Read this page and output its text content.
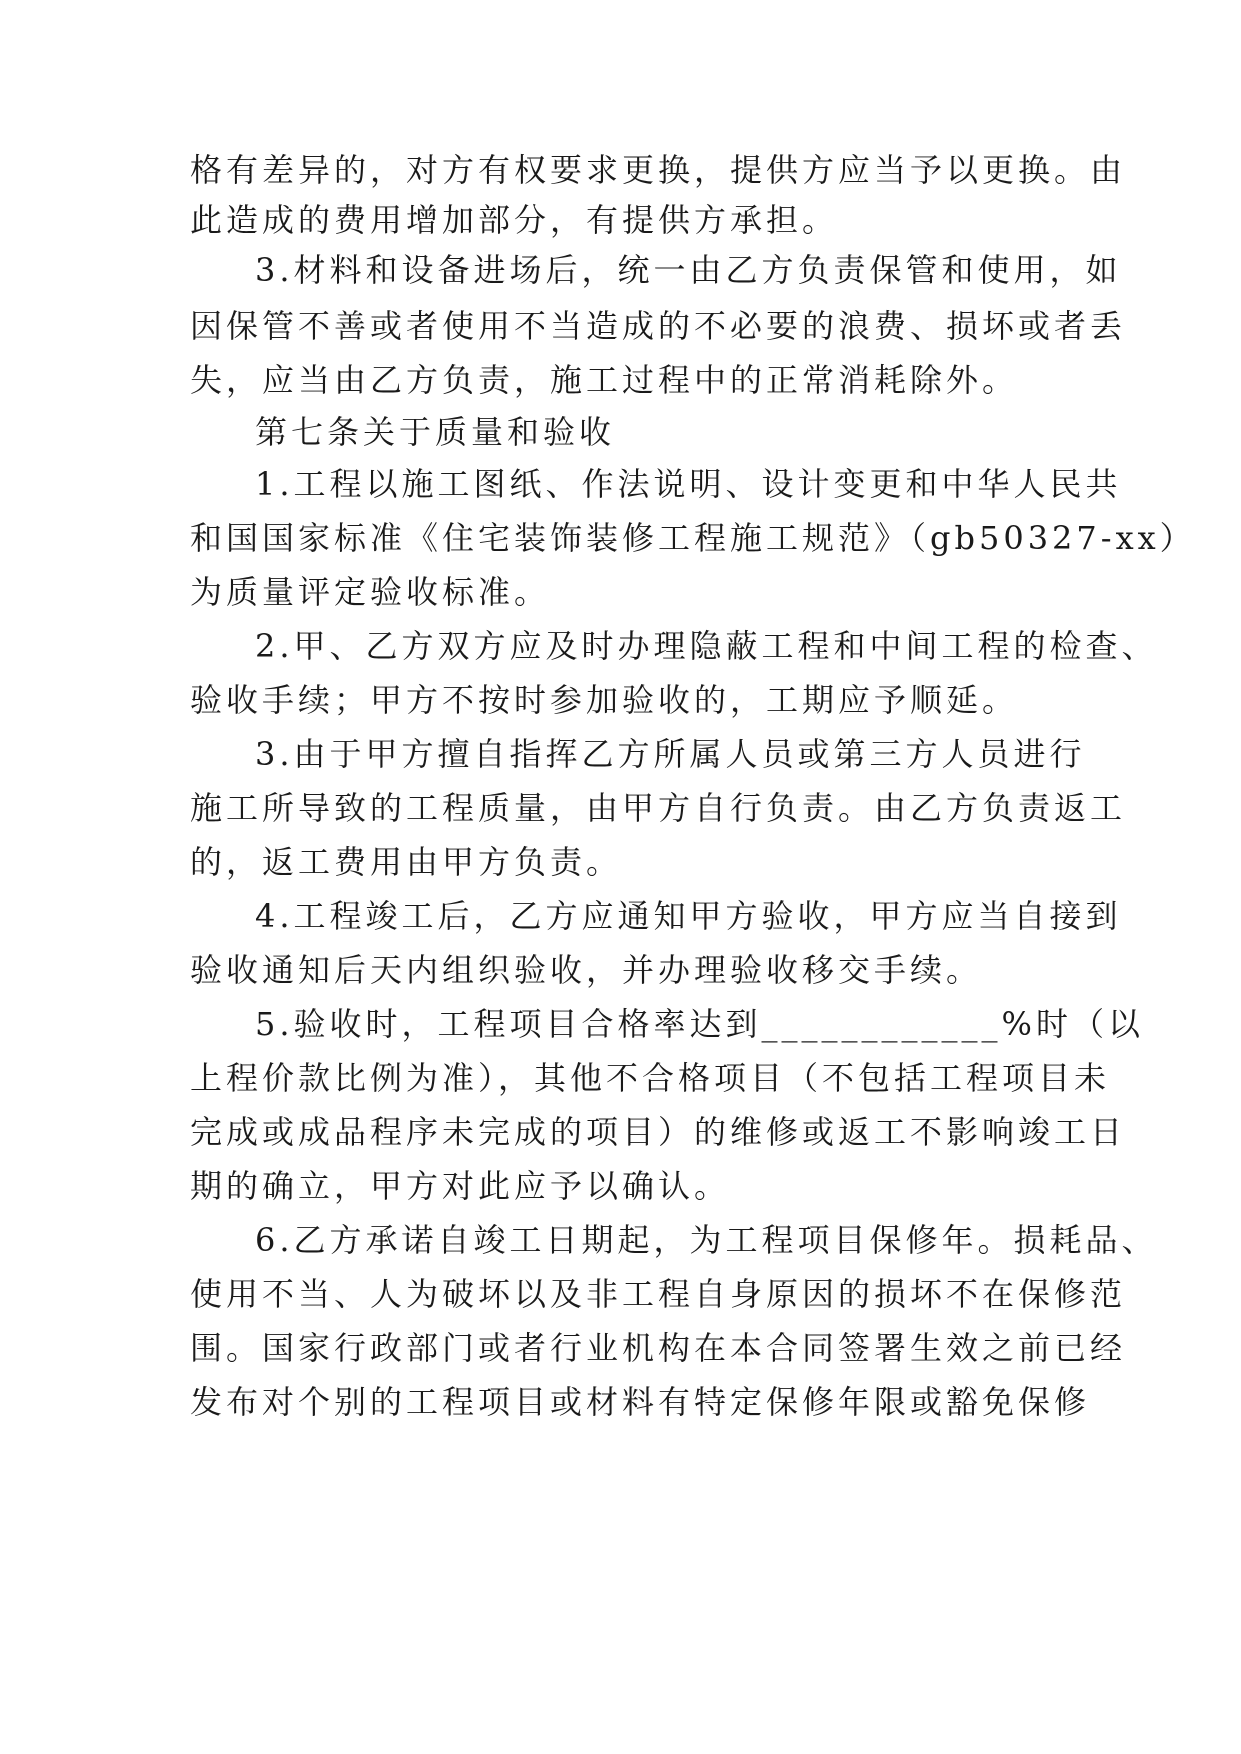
格有差异的，对方有权要求更换，提供方应当予以更换。由
此造成的费用增加部分，有提供方承担。
3.材料和设备进场后，统一由乙方负责保管和使用，如
因保管不善或者使用不当造成的不必要的浪费、损坏或者丢
失，应当由乙方负责，施工过程中的正常消耗除外。
第七条关于质量和验收
1.工程以施工图纸、作法说明、设计变更和中华人民共
和国国家标准《住宅装饰装修工程施工规范》（gb50327-xx）
为质量评定验收标准。
2.甲、乙方双方应及时办理隐蔽工程和中间工程的检查、
验收手续；甲方不按时参加验收的，工期应予顺延。
3.由于甲方擅自指挥乙方所属人员或第三方人员进行
施工所导致的工程质量，由甲方自行负责。由乙方负责返工
的，返工费用由甲方负责。
4.工程竣工后，乙方应通知甲方验收，甲方应当自接到
验收通知后天内组织验收，并办理验收移交手续。
5.验收时，工程项目合格率达到____________%时（以
上程价款比例为准），其他不合格项目（不包括工程项目未
完成或成品程序未完成的项目）的维修或返工不影响竣工日
期的确立，甲方对此应予以确认。
6.乙方承诺自竣工日期起，为工程项目保修年。损耗品、
使用不当、人为破坏以及非工程自身原因的损坏不在保修范
围。国家行政部门或者行业机构在本合同签署生效之前已经
发布对个别的工程项目或材料有特定保修年限或豁免保修
